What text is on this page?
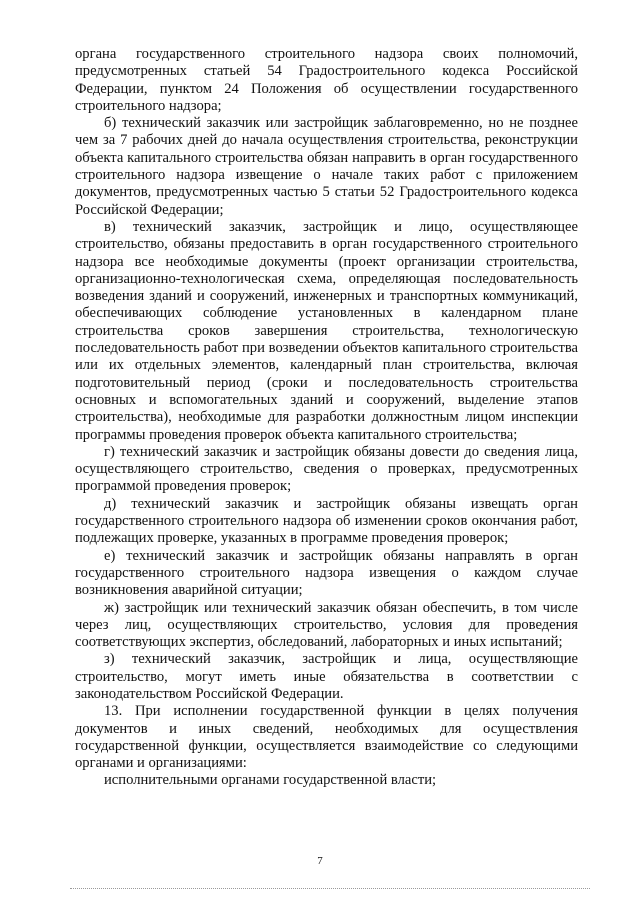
органа государственного строительного надзора своих полномочий, предусмотренных статьей 54 Градостроительного кодекса Российской Федерации, пунктом 24 Положения об осуществлении государственного строительного надзора;

б) технический заказчик или застройщик заблаговременно, но не позднее чем за 7 рабочих дней до начала осуществления строительства, реконструкции объекта капитального строительства обязан направить в орган государственного строительного надзора извещение о начале таких работ с приложением документов, предусмотренных частью 5 статьи 52 Градостроительного кодекса Российской Федерации;

в) технический заказчик, застройщик и лицо, осуществляющее строительство, обязаны предоставить в орган государственного строительного надзора все необходимые документы (проект организации строительства, организационно-технологическая схема, определяющая последовательность возведения зданий и сооружений, инженерных и транспортных коммуникаций, обеспечивающих соблюдение установленных в календарном плане строительства сроков завершения строительства, технологическую последовательность работ при возведении объектов капитального строительства или их отдельных элементов, календарный план строительства, включая подготовительный период (сроки и последовательность строительства основных и вспомогательных зданий и сооружений, выделение этапов строительства), необходимые для разработки должностным лицом инспекции программы проведения проверок объекта капитального строительства;

г) технический заказчик и застройщик обязаны довести до сведения лица, осуществляющего строительство, сведения о проверках, предусмотренных программой проведения проверок;

д) технический заказчик и застройщик обязаны извещать орган государственного строительного надзора об изменении сроков окончания работ, подлежащих проверке, указанных в программе проведения проверок;

е) технический заказчик и застройщик обязаны направлять в орган государственного строительного надзора извещения о каждом случае возникновения аварийной ситуации;

ж) застройщик или технический заказчик обязан обеспечить, в том числе через лиц, осуществляющих строительство, условия для проведения соответствующих экспертиз, обследований, лабораторных и иных испытаний;

з) технический заказчик, застройщик и лица, осуществляющие строительство, могут иметь иные обязательства в соответствии с законодательством Российской Федерации.

13. При исполнении государственной функции в целях получения документов и иных сведений, необходимых для осуществления государственной функции, осуществляется взаимодействие со следующими органами и организациями:

исполнительными органами государственной власти;

7
